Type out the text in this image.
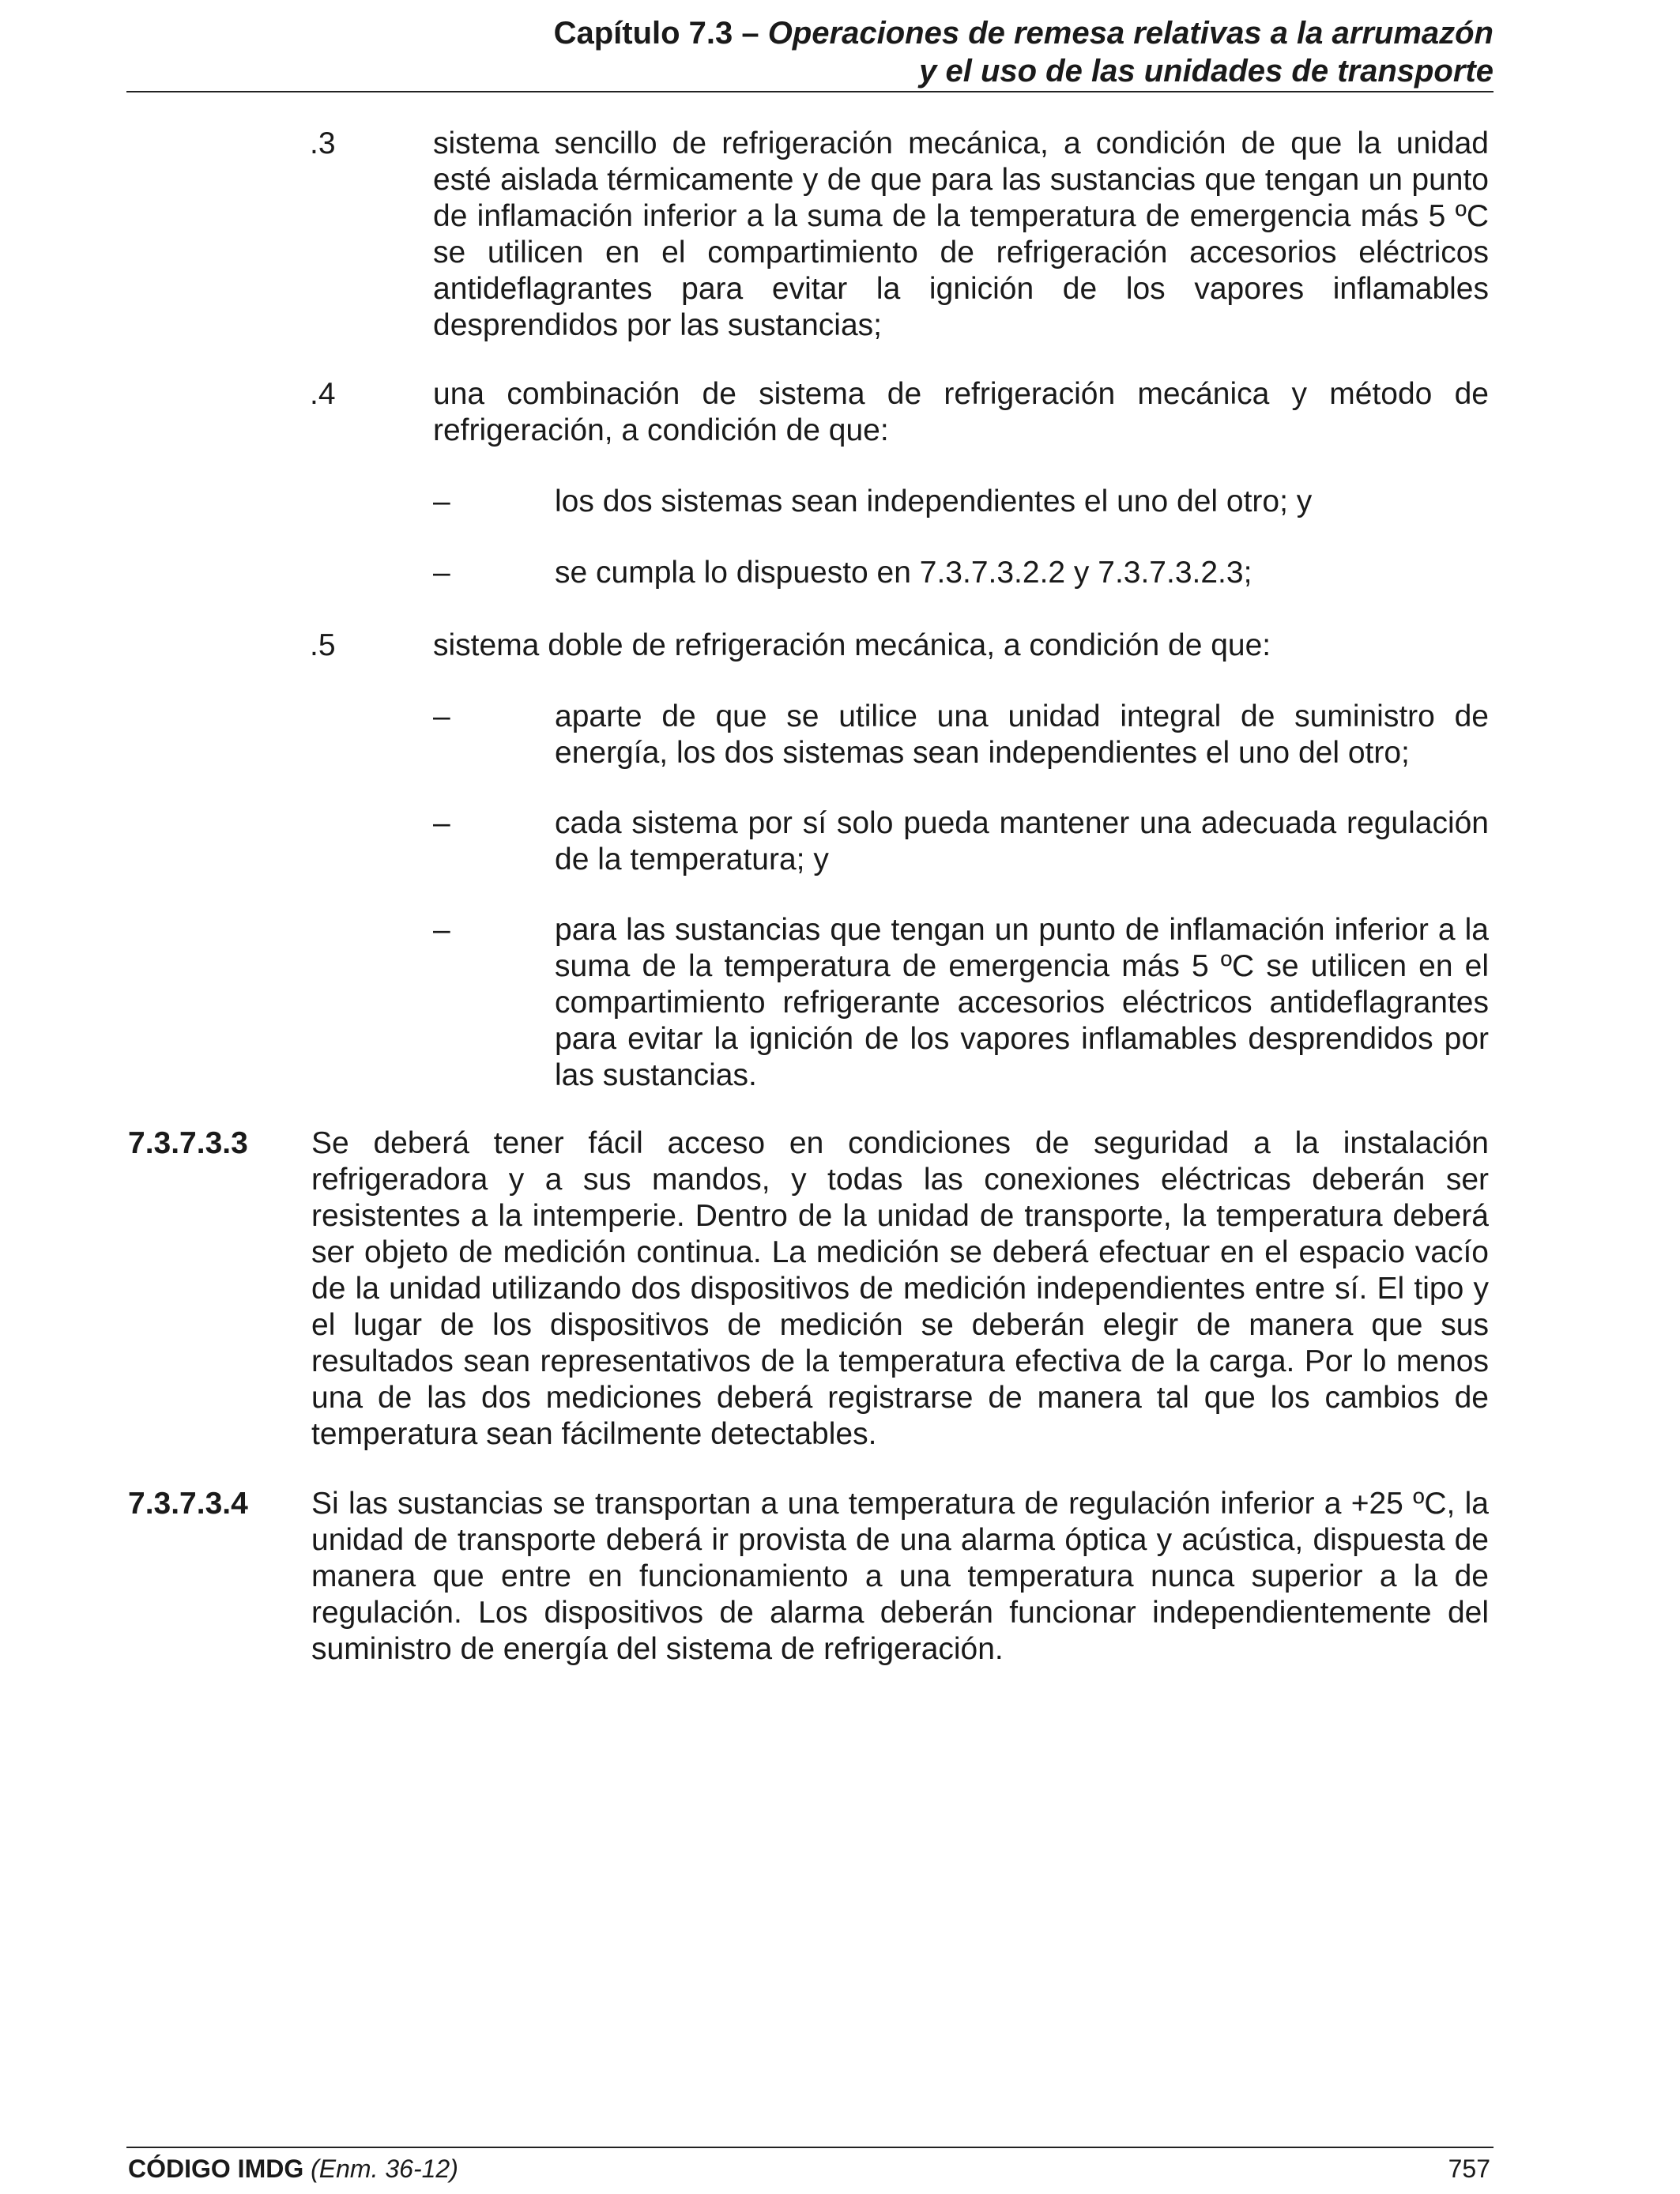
Capítulo 7.3 – Operaciones de remesa relativas a la arrumazón
y el uso de las unidades de transporte

.3	sistema sencillo de refrigeración mecánica, a condición de que la unidad esté aislada térmicamente y de que para las sustancias que tengan un punto de inflamación inferior a la suma de la temperatura de emergencia más 5 ºC se utilicen en el compartimiento de refrigeración accesorios eléctricos antideflagrantes para evitar la ignición de los vapores inflamables desprendidos por las sustancias;

.4	una combinación de sistema de refrigeración mecánica y método de refrigeración, a condición de que:

–	los dos sistemas sean independientes el uno del otro; y

–	se cumpla lo dispuesto en 7.3.7.3.2.2 y 7.3.7.3.2.3;

.5	sistema doble de refrigeración mecánica, a condición de que:

–	aparte de que se utilice una unidad integral de suministro de energía, los dos sistemas sean independientes el uno del otro;

–	cada sistema por sí solo pueda mantener una adecuada regulación de la temperatura; y

–	para las sustancias que tengan un punto de inflamación inferior a la suma de la temperatura de emergencia más 5 ºC se utilicen en el compartimiento refrigerante accesorios eléctricos antideflagrantes para evitar la ignición de los vapores inflamables desprendidos por las sustancias.

7.3.7.3.3 Se deberá tener fácil acceso en condiciones de seguridad a la instalación refrigeradora y a sus mandos, y todas las conexiones eléctricas deberán ser resistentes a la intemperie. Dentro de la unidad de transporte, la temperatura deberá ser objeto de medición continua. La medición se deberá efectuar en el espacio vacío de la unidad utilizando dos dispositivos de medición independientes entre sí. El tipo y el lugar de los dispositivos de medición se deberán elegir de manera que sus resultados sean representativos de la temperatura efectiva de la carga. Por lo menos una de las dos mediciones deberá registrarse de manera tal que los cambios de temperatura sean fácilmente detectables.

7.3.7.3.4 Si las sustancias se transportan a una temperatura de regulación inferior a +25 ºC, la unidad de transporte deberá ir provista de una alarma óptica y acústica, dispuesta de manera que entre en funcionamiento a una temperatura nunca superior a la de regulación. Los dispositivos de alarma deberán funcionar independientemente del suministro de energía del sistema de refrigeración.

CÓDIGO IMDG (Enm. 36-12)	757
